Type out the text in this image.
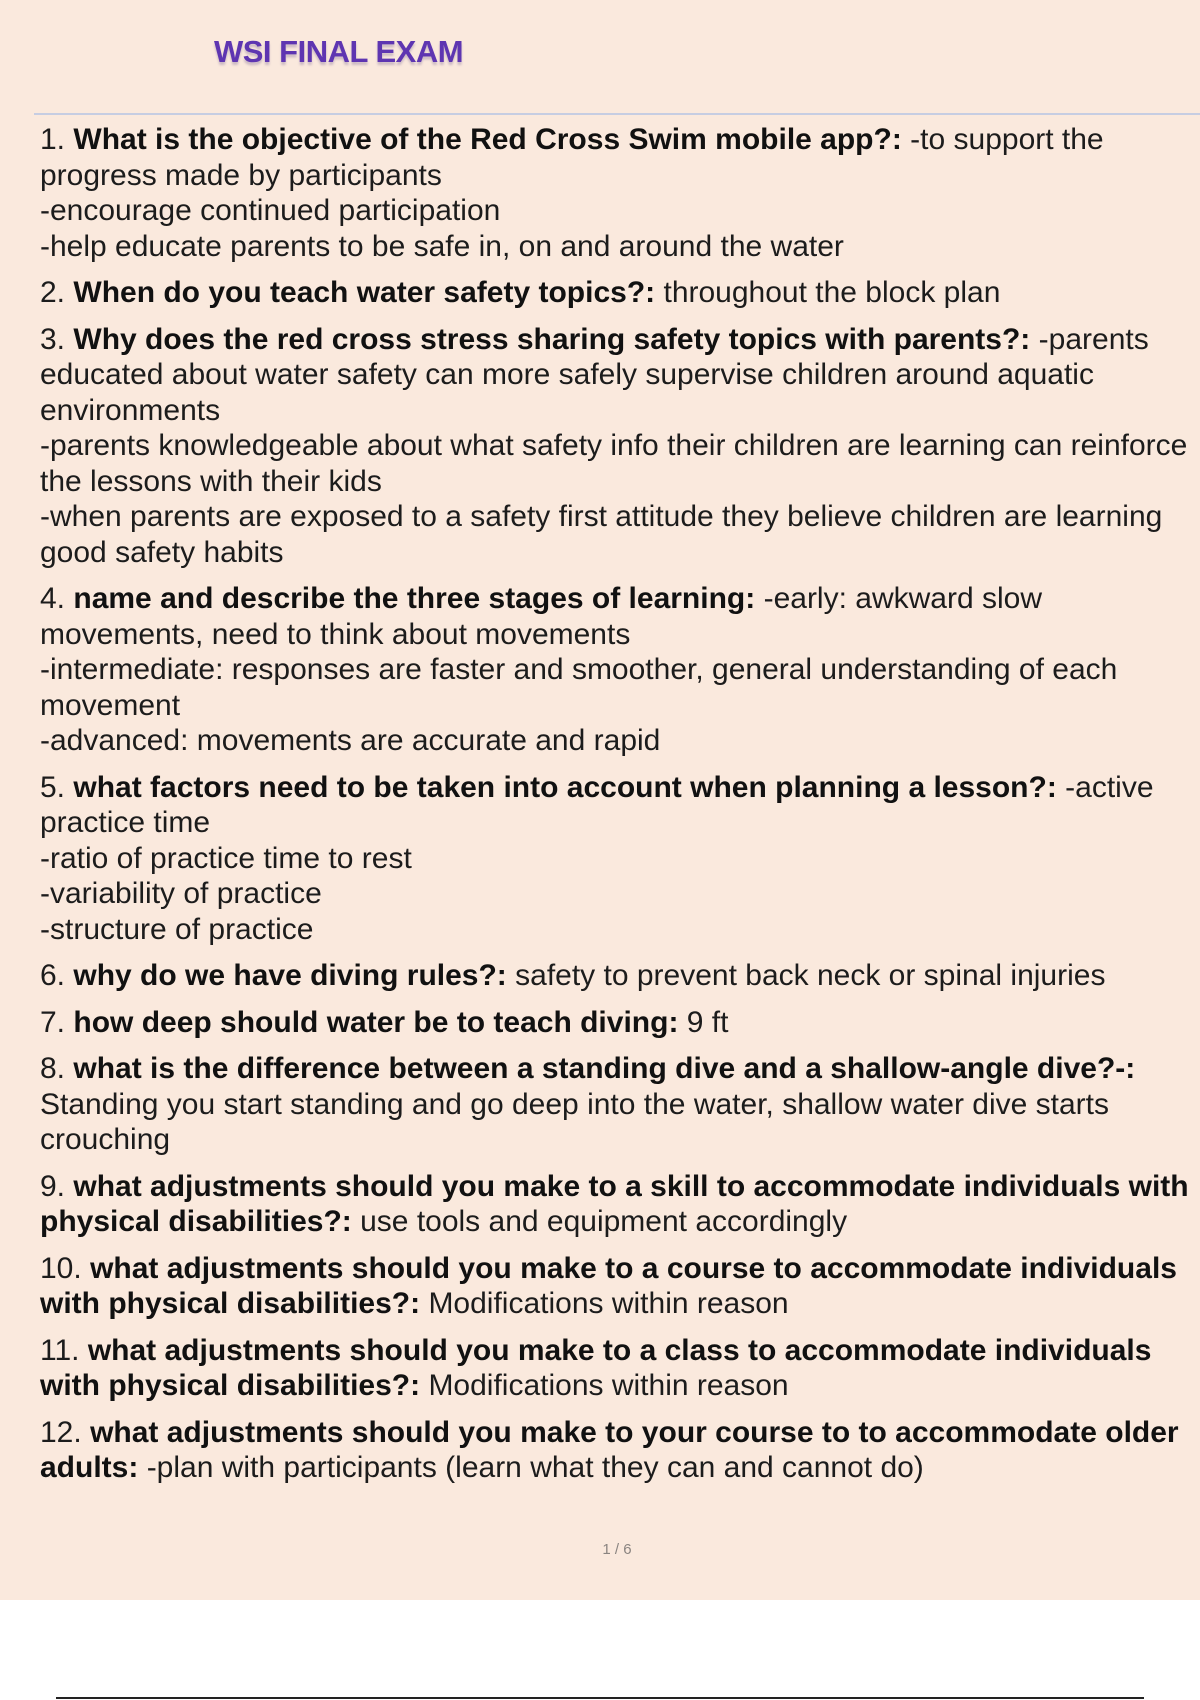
WSI FINAL EXAM
1. What is the objective of the Red Cross Swim mobile app?: -to support the progress made by participants
-encourage continued participation
-help educate parents to be safe in, on and around the water
2. When do you teach water safety topics?: throughout the block plan
3. Why does the red cross stress sharing safety topics with parents?: -parents educated about water safety can more safely supervise children around aquatic environments
-parents knowledgeable about what safety info their children are learning can reinforce the lessons with their kids
-when parents are exposed to a safety first attitude they believe children are learning good safety habits
4. name and describe the three stages of learning: -early: awkward slow movements, need to think about movements
-intermediate: responses are faster and smoother, general understanding of each movement
-advanced: movements are accurate and rapid
5. what factors need to be taken into account when planning a lesson?: -active practice time
-ratio of practice time to rest
-variability of practice
-structure of practice
6. why do we have diving rules?: safety to prevent back neck or spinal injuries
7. how deep should water be to teach diving: 9 ft
8. what is the difference between a standing dive and a shallow-angle dive?-: Standing you start standing and go deep into the water, shallow water dive starts crouching
9. what adjustments should you make to a skill to accommodate individuals with physical disabilities?: use tools and equipment accordingly
10. what adjustments should you make to a course to accommodate individuals with physical disabilities?: Modifications within reason
11. what adjustments should you make to a class to accommodate individuals with physical disabilities?: Modifications within reason
12. what adjustments should you make to your course to to accommodate older adults: -plan with participants (learn what they can and cannot do)
1 / 6
